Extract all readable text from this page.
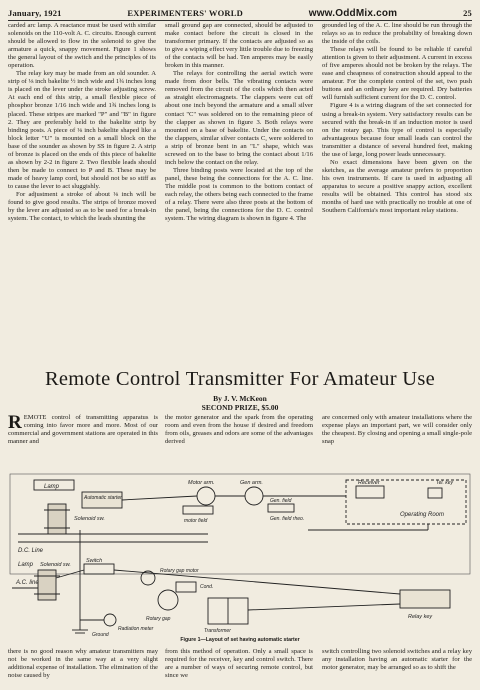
January, 1921	EXPERIMENTERS' WORLD	www.OddMix.com	25

carded arc lamp. A reactance must be used with similar solenoids on the 110-volt A. C. circuits. Enough current should be allowed to flow in the solenoid to give the armature a quick, snappy movement. Figure 1 shows the general layout of the switch and the principles of its operation.

The relay key may be made from an old sounder. A strip of ⅛ inch bakelite ½ inch wide and 1¾ inches long is placed on the lever under the stroke adjusting screw. At each end of this strip, a small flexible piece of phosphor bronze 1/16 inch wide and 1¾ inches long is placed. These stripes are marked "P" and "B" in figure 2. They are preferably held to the bakelite strip by binding posts. A piece of ⅛ inch bakelite shaped like a block letter "U" is mounted on a small block on the base of the sounder as shown by SS in figure 2. A strip of bronze is placed on the ends of this piece of bakelite as shown by 2-2 in figure 2. Two flexible leads should then be made to connect to P and B. These may be made of heavy lamp cord, but should not be so stiff as to cause the lever to act sluggishly.

For adjustment a stroke of about ⅛ inch will be found to give good results. The strips of bronze moved by the lever are adjusted so as to be used for a break-in system. The contact, to which the leads shunting the

small ground gap are connected, should be adjusted to make contact before the circuit is closed in the transformer primary. If the contacts are adjusted so as to give a wiping effect very little trouble due to freezing of the contacts will be had. Ten amperes may be easily broken in this manner.

The relays for controlling the aerial switch were made from door bells. The vibrating contacts were removed from the circuit of the coils which then acted as straight electromagnets. The clappers were cut off about one inch beyond the armature and a small silver contact "C" was soldered on to the remaining piece of the clapper as shown in figure 3. Both relays were mounted on a base of bakelite. Under the contacts on the clappers, similar silver contacts C, were soldered to a strip of bronze bent in an "L" shape, which was screwed on to the base to bring the contact about 1/16 inch below the contact on the relay.

Three binding posts were located at the top of the panel, these being the connections for the A. C. line. The middle post is common to the bottom contact of each relay, the others being each connected to the frame of a relay. There were also three posts at the bottom of the panel, being the connections for the D. C. control system. The wiring diagram is shown in figure 4. The

grounded leg of the A. C. line should be run through the relays so as to reduce the probability of breaking down the inside of the coils.

These relays will be found to be reliable if careful attention is given to their adjustment. A current in excess of five amperes should not be broken by the relays. The ease and cheapness of construction should appeal to the amateur. For the complete control of the set, two push buttons and an ordinary key are required. Dry batteries will furnish sufficient current for the D. C. control.

Figure 4 is a wiring diagram of the set connected for using a break-in system. Very satisfactory results can be secured with the break-in if an induction motor is used on the rotary gap. This type of control is especially advantageous because four small leads can control the transmitter a distance of several hundred feet, making the use of large, long power leads unnecessary.

No exact dimensions have been given on the sketches, as the average amateur prefers to proportion his own instruments. If care is used in adjusting all apparatus to secure a positive snappy action, excellent results will be obtained. This control has stood six months of hard use with practically no trouble at one of Southern California's most important relay stations.

Remote Control Transmitter For Amateur Use
By J. V. McKeon
SECOND PRIZE, $5.00
REMOTE control of transmitting apparatus is coming into favor more and more. Most of our commercial and government stations are operated in this manner and

the motor generator and the spark from the operating room and even from the house if desired and freedom from oils, greases and odors are some of the advantages derived

are concerned only with amateur installations where the expense plays an important part, we will consider only the cheapest. By closing and opening a small single-pole snap

Lamp
Automatic starter
Solenoid sw.
D.C. Line
Motor arm.	Gen arm.
motor field
Gen. field
Gen. field rheo.
Receiver	Tel. key
Operating Room
Lamp Solenoid sw.
A.C. line
Switch
Rotary gap motor
Cond.
Rotary gap
Radiation meter	Transformer
Relay key
Ground
Figure 1—Layout of set having automatic starter

there is no good reason why amateur transmitters may not be worked in the same way at a very slight additional expense of installation. The elimination of the noise caused by

from this method of operation. Only a small space is required for the receiver, key and control switch. There are a number of ways of securing remote control, but since we

switch controlling two solenoid switches and a relay key any installation having an automatic starter for the motor generator, may be arranged so as to shift the
